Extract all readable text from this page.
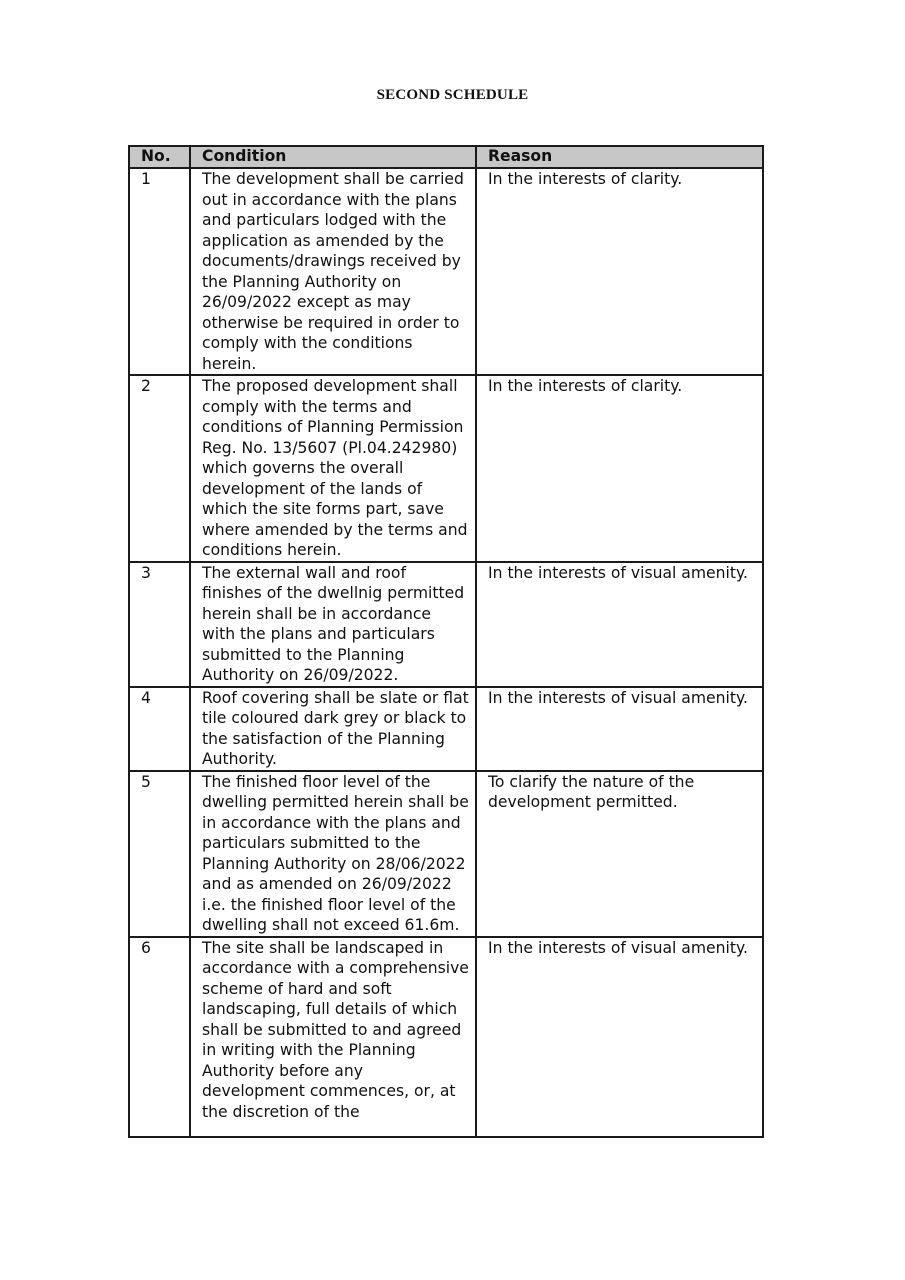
SECOND SCHEDULE
No.	Condition	Reason
1	The development shall be carried out in accordance with the plans and particulars lodged with the application as amended by the documents/drawings received by the Planning Authority on 26/09/2022 except as may otherwise be required in order to comply with the conditions herein.	In the interests of clarity.
2	The proposed development shall comply with the terms and conditions of Planning Permission Reg. No. 13/5607 (Pl.04.242980) which governs the overall development of the lands of which the site forms part, save where amended by the terms and conditions herein.	In the interests of clarity.
3	The external wall and roof finishes of the dwellnig permitted herein shall be in accordance with the plans and particulars submitted to the Planning Authority on 26/09/2022.	In the interests of visual amenity.
4	Roof covering shall be slate or flat tile coloured dark grey or black to the satisfaction of the Planning Authority.	In the interests of visual amenity.
5	The finished floor level of the dwelling permitted herein shall be in accordance with the plans and particulars submitted to the Planning Authority on 28/06/2022 and as amended on 26/09/2022 i.e. the finished floor level of the dwelling shall not exceed 61.6m.	To clarify the nature of the development permitted.
6	The site shall be landscaped in accordance with a comprehensive scheme of hard and soft landscaping, full details of which shall be submitted to and agreed in writing with the Planning Authority before any development commences, or, at the discretion of the	In the interests of visual amenity.
